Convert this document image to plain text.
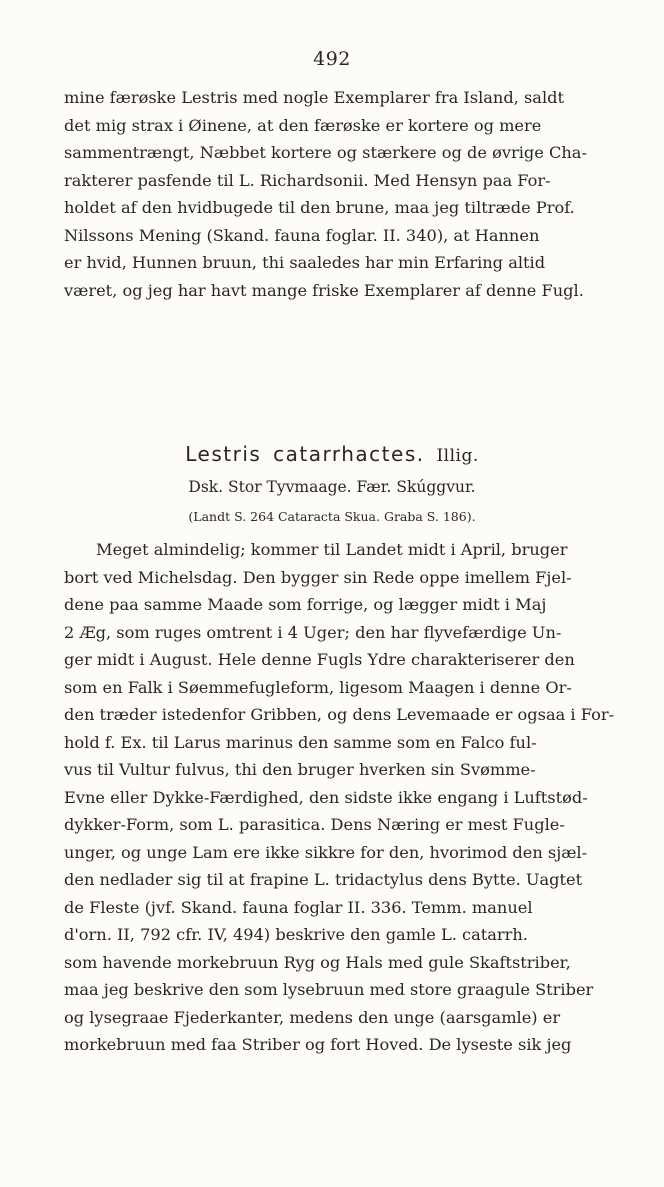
492
mine færøske Lestris med nogle Exemplarer fra Island, saldt
det mig strax i Øinene, at den færøske er kortere og mere
sammentrængt, Næbbet kortere og stærkere og de øvrige Cha-
rakterer pasfende til L. Richardsonii. Med Hensyn paa For-
holdet af den hvidbugede til den brune, maa jeg tiltræde Prof.
Nilssons Mening (Skand. fauna foglar. II. 340), at Hannen
er hvid, Hunnen bruun, thi saaledes har min Erfaring altid
været, og jeg har havt mange friske Exemplarer af denne Fugl.
Lestris catarrhactes. Illig.
Dsk. Stor Tyvmaage. Fær. Skúggvur.
(Landt S. 264 Cataracta Skua. Graba S. 186).
Meget almindelig; kommer til Landet midt i April, bruger
bort ved Michelsdag. Den bygger sin Rede oppe imellem Fjel-
dene paa samme Maade som forrige, og lægger midt i Maj
2 Æg, som ruges omtrent i 4 Uger; den har flyvefærdige Un-
ger midt i August. Hele denne Fugls Ydre charakteriserer den
som en Falk i Søemmefugleform, ligesom Maagen i denne Or-
den træder istedenfor Gribben, og dens Levemaade er ogsaa i For-
hold f. Ex. til Larus marinus den samme som en Falco ful-
vus til Vultur fulvus, thi den bruger hverken sin Svømme-
Evne eller Dykke-Færdighed, den sidste ikke engang i Luftstød-
dykker-Form, som L. parasitica. Dens Næring er mest Fugle-
unger, og unge Lam ere ikke sikkre for den, hvorimod den sjæl-
den nedlader sig til at frapine L. tridactylus dens Bytte. Uagtet
de Fleste (jvf. Skand. fauna foglar II. 336. Temm. manuel
d'orn. II, 792 cfr. IV, 494) beskrive den gamle L. catarrh.
som havende morkebruun Ryg og Hals med gule Skaftstriber,
maa jeg beskrive den som lysebruun med store graagule Striber
og lysegraae Fjederkanter, medens den unge (aarsgamle) er
morkebruun med faa Striber og fort Hoved. De lyseste sik jeg
